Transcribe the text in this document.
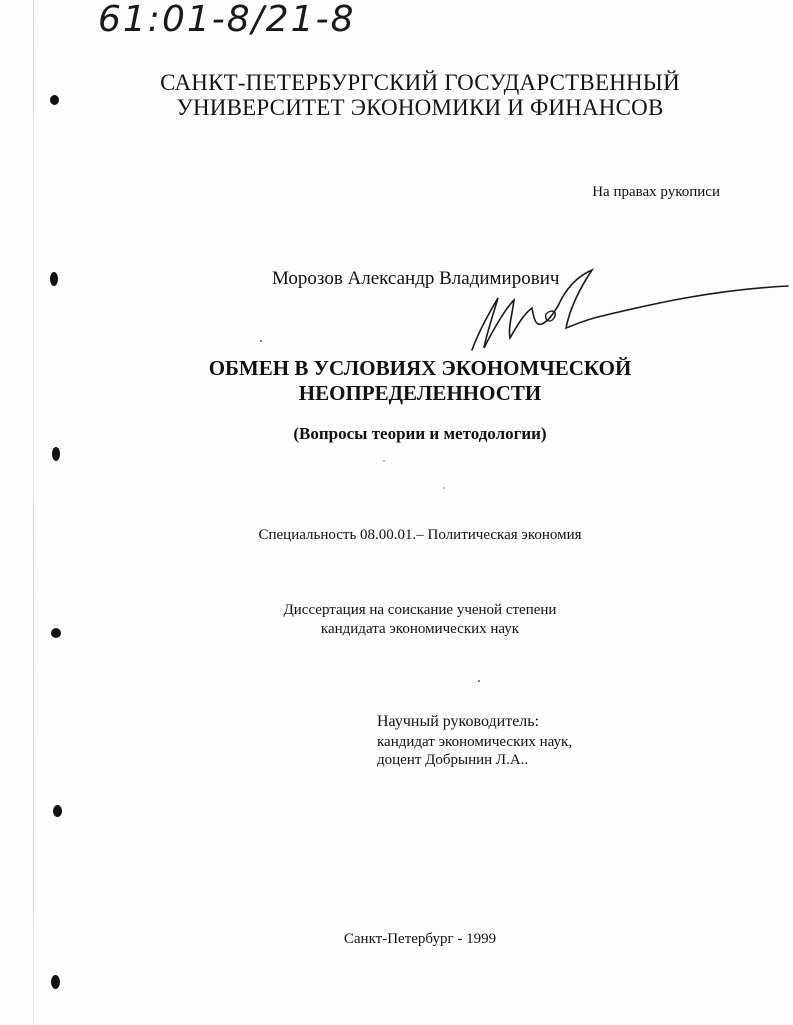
61:01-8/21-8
САНКТ-ПЕТЕРБУРГСКИЙ ГОСУДАРСТВЕННЫЙ
УНИВЕРСИТЕТ ЭКОНОМИКИ И ФИНАНСОВ
На правах рукописи
Морозов Александр Владимирович
ОБМЕН В УСЛОВИЯХ ЭКОНОМЧЕСКОЙ
НЕОПРЕДЕЛЕННОСТИ
(Вопросы теории и методологии)
Специальность 08.00.01.– Политическая экономия
Диссертация на соискание ученой степени
кандидата экономических наук
Научный руководитель:
кандидат экономических наук,
доцент Добрынин Л.А..
Санкт-Петербург - 1999
